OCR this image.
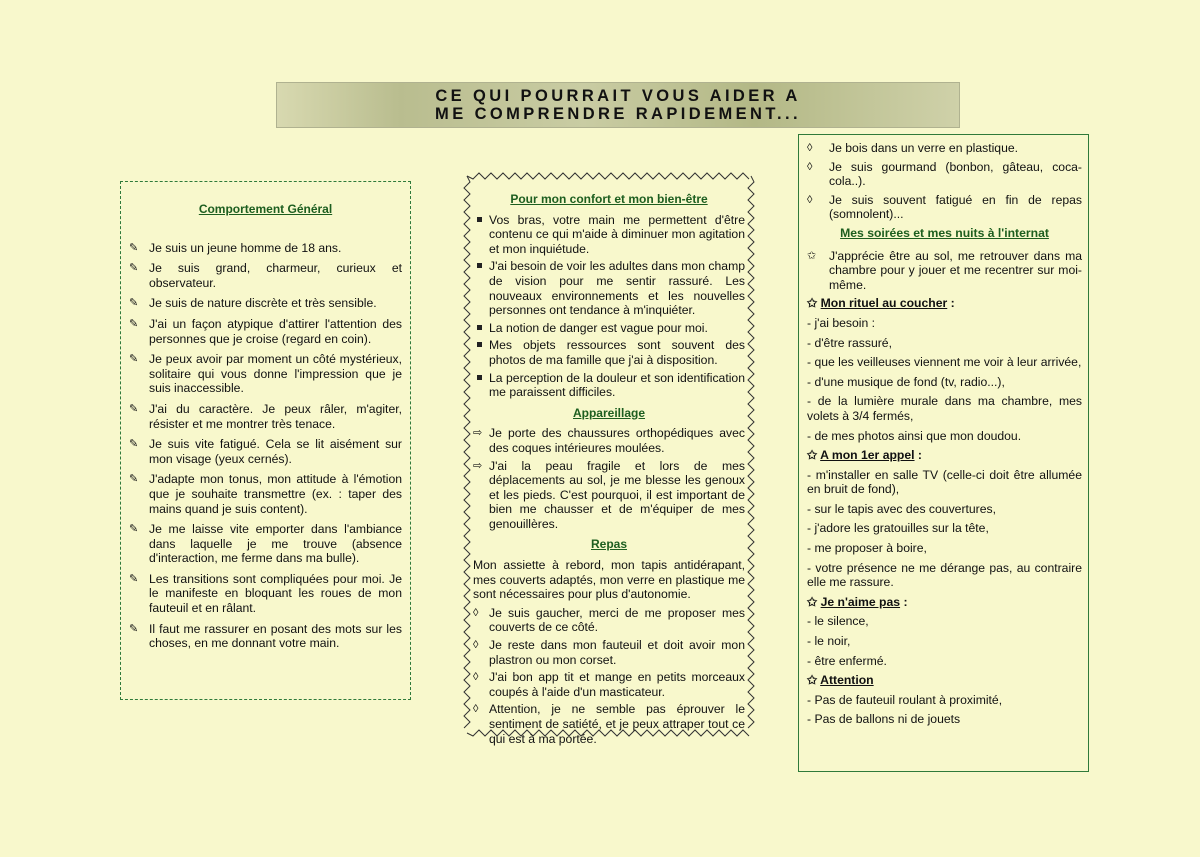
CE QUI POURRAIT VOUS AIDER A
ME COMPRENDRE RAPIDEMENT...
Comportement Général
✎ Je suis un jeune homme de 18 ans.
✎ Je suis grand, charmeur, curieux et observateur.
✎ Je suis de nature discrète et très sensible.
✎ J'ai un façon atypique d'attirer l'attention des personnes que je croise (regard en coin).
✎ Je peux avoir par moment un côté mystérieux, solitaire qui vous donne l'impression que je suis inaccessible.
✎ J'ai du caractère. Je peux râler, m'agiter, résister et me montrer très tenace.
✎ Je suis vite fatigué. Cela se lit aisément sur mon visage (yeux cernés).
✎ J'adapte mon tonus, mon attitude à l'émotion que je souhaite transmettre (ex. : taper des mains quand je suis content).
✎ Je me laisse vite emporter dans l'ambiance dans laquelle je me trouve (absence d'interaction, me ferme dans ma bulle).
✎ Les transitions sont compliquées pour moi. Je le manifeste en bloquant les roues de mon fauteuil et en râlant.
✎ Il faut me rassurer en posant des mots sur les choses, en me donnant votre main.
Pour mon confort et mon bien-être
Vos bras, votre main me permettent d'être contenu ce qui m'aide à diminuer mon agitation et mon inquiétude.
J'ai besoin de voir les adultes dans mon champ de vision pour me sentir rassuré. Les nouveaux environnements et les nouvelles personnes ont tendance à m'inquiéter.
La notion de danger est vague pour moi.
Mes objets ressources sont souvent des photos de ma famille que j'ai à disposition.
La perception de la douleur et son identification me paraissent difficiles.
Appareillage
⇨ Je porte des chaussures orthopédiques avec des coques intérieures moulées.
⇨ J'ai la peau fragile et lors de mes déplacements au sol, je me blesse les genoux et les pieds. C'est pourquoi, il est important de bien me chausser et de m'équiper de mes genouillères.
Repas
Mon assiette à rebord, mon tapis antidérapant, mes couverts adaptés, mon verre en plastique me sont nécessaires pour plus d'autonomie.
◊ Je suis gaucher, merci de me proposer mes couverts de ce côté.
◊ Je reste dans mon fauteuil et doit avoir mon plastron ou mon corset.
◊ J'ai bon app tit et mange en petits morceaux coupés à l'aide d'un masticateur.
◊ Attention, je ne semble pas éprouver le sentiment de satiété, et je peux attraper tout ce qui est à ma portée.
◊ Je bois dans un verre en plastique.
◊ Je suis gourmand (bonbon, gâteau, coca-cola..).
◊ Je suis souvent fatigué en fin de repas (somnolent)...
Mes soirées et mes nuits à l'internat
✩ J'apprécie être au sol, me retrouver dans ma chambre pour y jouer et me recentrer sur moi-même.
✩ Mon rituel au coucher :
- j'ai besoin :
- d'être rassuré,
- que les veilleuses viennent me voir à leur arrivée,
- d'une musique de fond (tv, radio...),
- de la lumière murale dans ma chambre, mes volets à 3/4 fermés,
- de mes photos ainsi que mon doudou.
✩ A mon 1er appel :
- m'installer en salle TV (celle-ci doit être allumée en bruit de fond),
- sur le tapis avec des couvertures,
- j'adore les gratouilles sur la tête,
- me proposer à boire,
- votre présence ne me dérange pas, au contraire elle me rassure.
✩ Je n'aime pas :
- le silence,
- le noir,
- être enfermé.
✩ Attention
- Pas de fauteuil roulant à proximité,
- Pas de ballons ni de jouets
